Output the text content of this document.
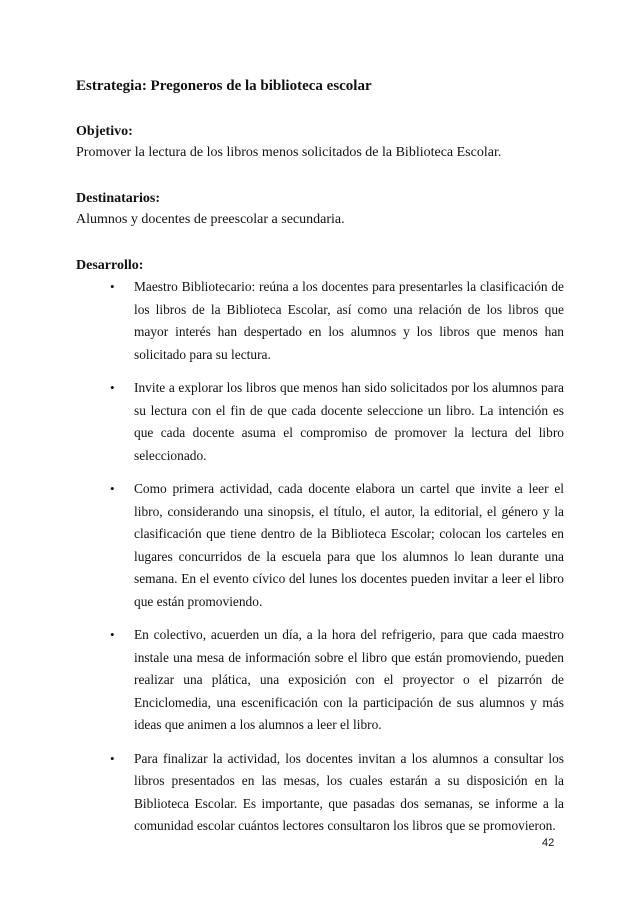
Estrategia: Pregoneros de la biblioteca escolar

Objetivo:

Promover la lectura de los libros menos solicitados de la Biblioteca Escolar.

Destinatarios:

Alumnos y docentes de preescolar a secundaria.

Desarrollo:

• Maestro Bibliotecario: reúna a los docentes para presentarles la clasificación de los libros de la Biblioteca Escolar, así como una relación de los libros que mayor interés han despertado en los alumnos y los libros que menos han solicitado para su lectura.
• Invite a explorar los libros que menos han sido solicitados por los alumnos para su lectura con el fin de que cada docente seleccione un libro. La intención es que cada docente asuma el compromiso de promover la lectura del libro seleccionado.
• Como primera actividad, cada docente elabora un cartel que invite a leer el libro, considerando una sinopsis, el título, el autor, la editorial, el género y la clasificación que tiene dentro de la Biblioteca Escolar; colocan los carteles en lugares concurridos de la escuela para que los alumnos lo lean durante una semana. En el evento cívico del lunes los docentes pueden invitar a leer el libro que están promoviendo.
• En colectivo, acuerden un día, a la hora del refrigerio, para que cada maestro instale una mesa de información sobre el libro que están promoviendo, pueden realizar una plática, una exposición con el proyector o el pizarrón de Enciclomedia, una escenificación con la participación de sus alumnos y más ideas que animen a los alumnos a leer el libro.
• Para finalizar la actividad, los docentes invitan a los alumnos a consultar los libros presentados en las mesas, los cuales estarán a su disposición en la Biblioteca Escolar. Es importante, que pasadas dos semanas, se informe a la comunidad escolar cuántos lectores consultaron los libros que se promovieron.
42
